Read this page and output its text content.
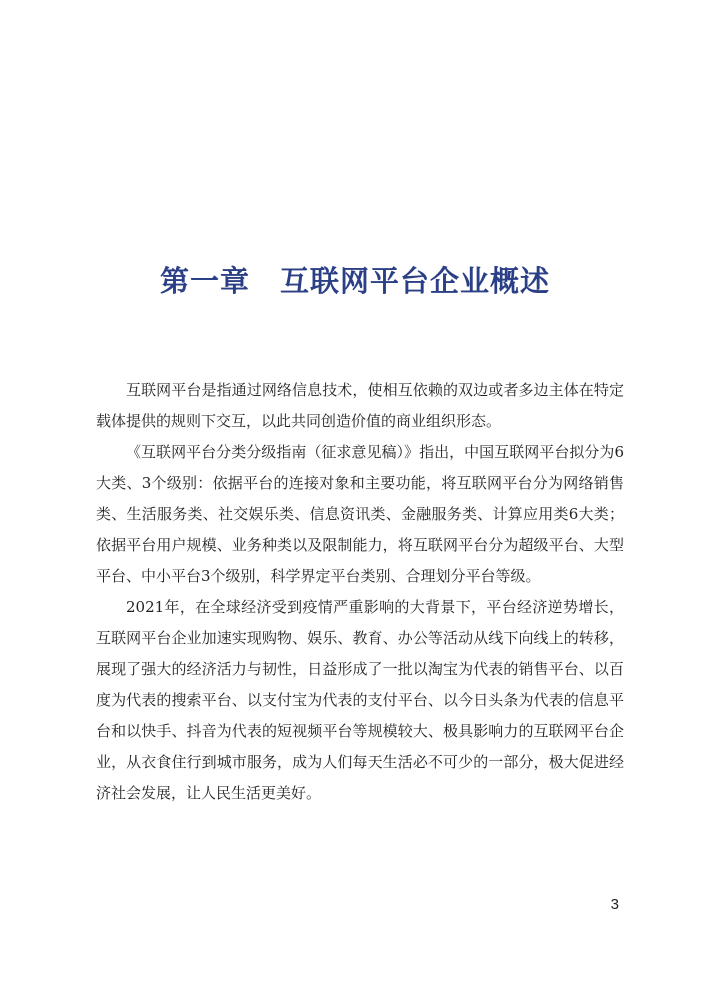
第一章　互联网平台企业概述

互联网平台是指通过网络信息技术，使相互依赖的双边或者多边主体在特定载体提供的规则下交互，以此共同创造价值的商业组织形态。

《互联网平台分类分级指南（征求意见稿）》指出，中国互联网平台拟分为6大类、3个级别：依据平台的连接对象和主要功能，将互联网平台分为网络销售类、生活服务类、社交娱乐类、信息资讯类、金融服务类、计算应用类6大类；依据平台用户规模、业务种类以及限制能力，将互联网平台分为超级平台、大型平台、中小平台3个级别，科学界定平台类别、合理划分平台等级。

2021年，在全球经济受到疫情严重影响的大背景下，平台经济逆势增长，互联网平台企业加速实现购物、娱乐、教育、办公等活动从线下向线上的转移，展现了强大的经济活力与韧性，日益形成了一批以淘宝为代表的销售平台、以百度为代表的搜索平台、以支付宝为代表的支付平台、以今日头条为代表的信息平台和以快手、抖音为代表的短视频平台等规模较大、极具影响力的互联网平台企业，从衣食住行到城市服务，成为人们每天生活必不可少的一部分，极大促进经济社会发展，让人民生活更美好。

3
